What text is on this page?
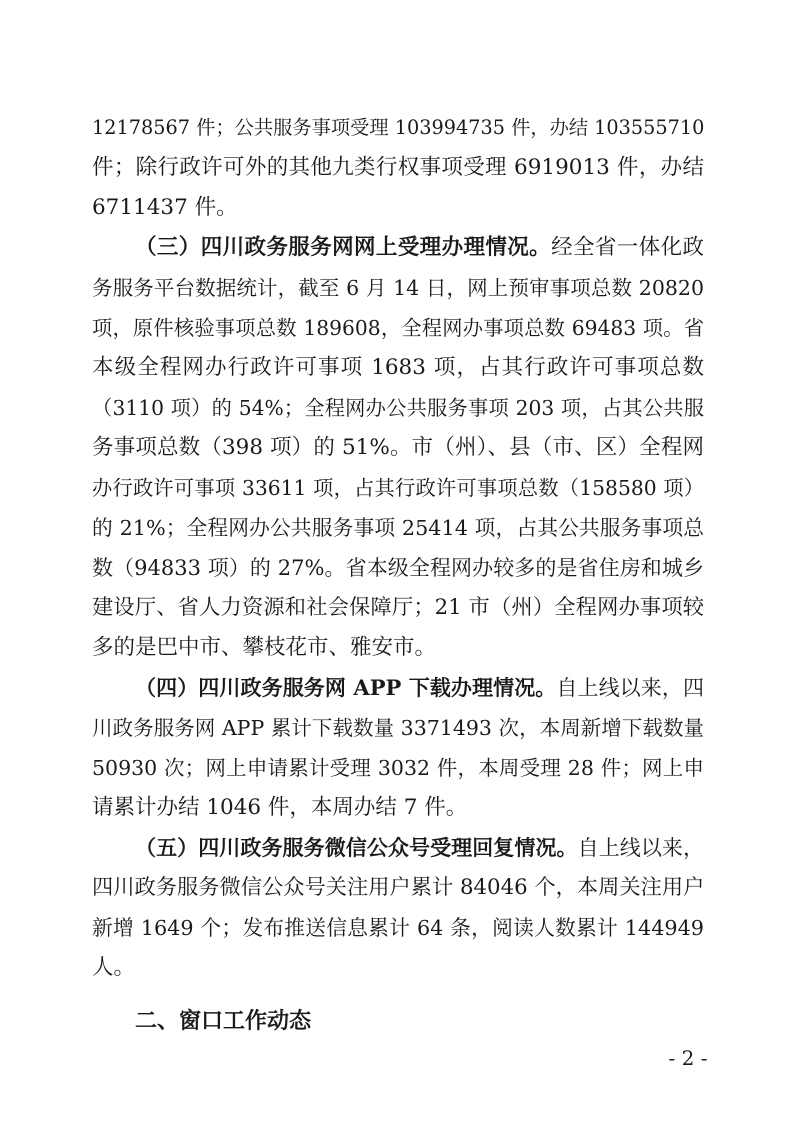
12178567 件；公共服务事项受理 103994735 件，办结 103555710
件；除行政许可外的其他九类行权事项受理 6919013 件，办结
6711437 件。
（三）四川政务服务网网上受理办理情况。经全省一体化政
务服务平台数据统计，截至 6 月 14 日，网上预审事项总数 20820
项，原件核验事项总数 189608，全程网办事项总数 69483 项。省
本级全程网办行政许可事项 1683 项，占其行政许可事项总数
（3110 项）的 54%；全程网办公共服务事项 203 项，占其公共服
务事项总数（398 项）的 51%。市（州）、县（市、区）全程网
办行政许可事项 33611 项，占其行政许可事项总数（158580 项）
的 21%；全程网办公共服务事项 25414 项，占其公共服务事项总
数（94833 项）的 27%。省本级全程网办较多的是省住房和城乡
建设厅、省人力资源和社会保障厅；21 市（州）全程网办事项较
多的是巴中市、攀枝花市、雅安市。
（四）四川政务服务网 APP 下载办理情况。自上线以来，四
川政务服务网 APP 累计下载数量 3371493 次，本周新增下载数量
50930 次；网上申请累计受理 3032 件，本周受理 28 件；网上申
请累计办结 1046 件，本周办结 7 件。
（五）四川政务服务微信公众号受理回复情况。自上线以来，
四川政务服务微信公众号关注用户累计 84046 个，本周关注用户
新增 1649 个；发布推送信息累计 64 条，阅读人数累计 144949
人。
二、窗口工作动态
- 2 -
